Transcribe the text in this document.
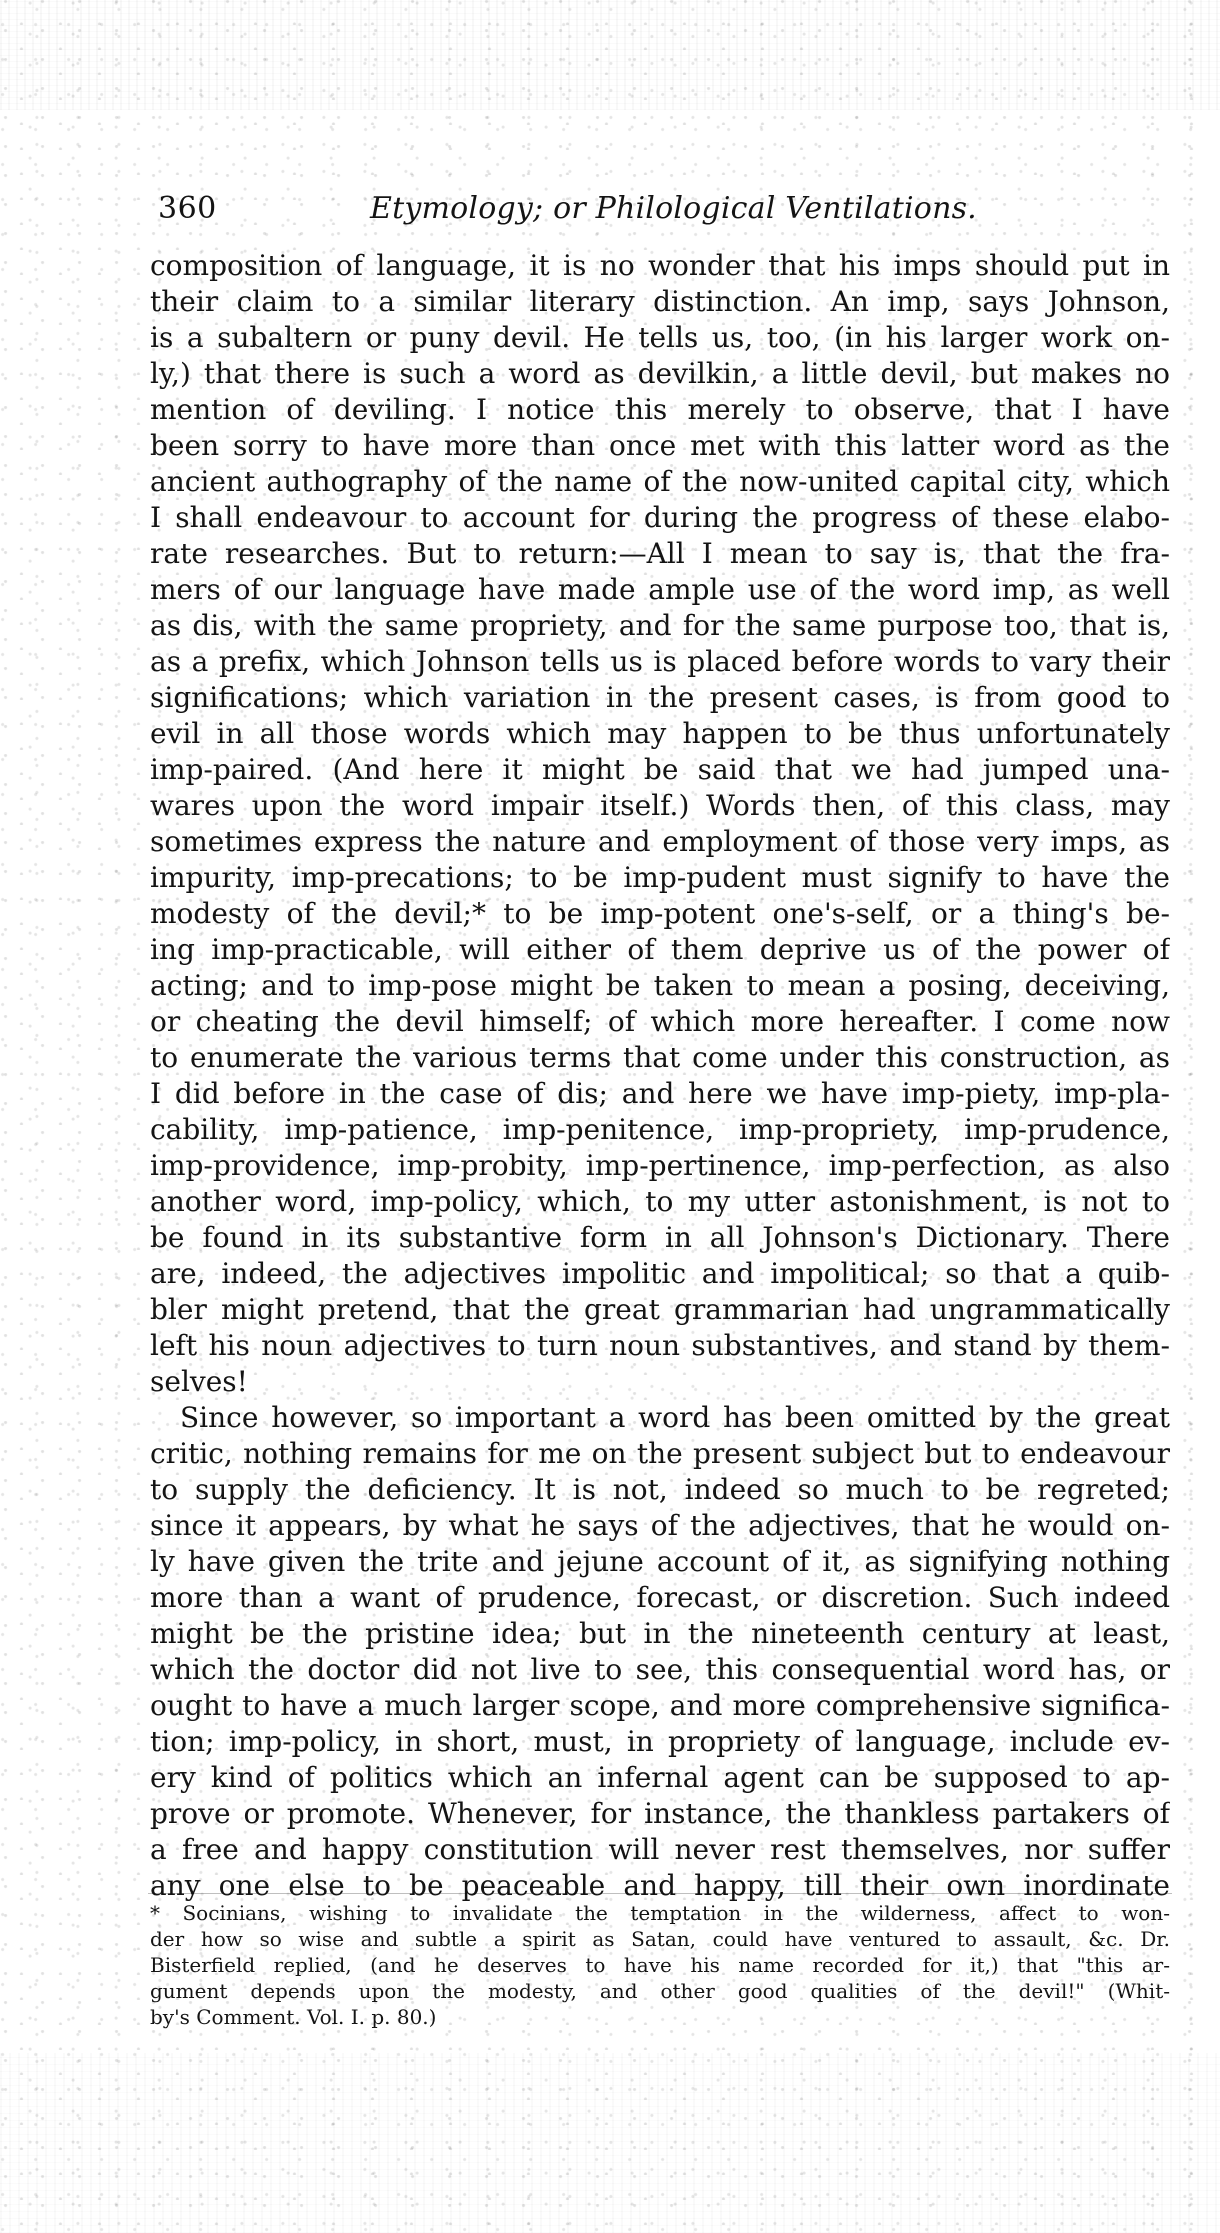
360	Etymology; or Philological Ventilations.
composition of language, it is no wonder that his imps should put in
their claim to a similar literary distinction. An imp, says Johnson,
is a subaltern or puny devil. He tells us, too, (in his larger work on-
ly,) that there is such a word as devilkin, a little devil, but makes no
mention of deviling. I notice this merely to observe, that I have
been sorry to have more than once met with this latter word as the
ancient authography of the name of the now-united capital city, which
I shall endeavour to account for during the progress of these elabo-
rate researches. But to return:—All I mean to say is, that the fra-
mers of our language have made ample use of the word imp, as well
as dis, with the same propriety, and for the same purpose too, that is,
as a prefix, which Johnson tells us is placed before words to vary their
significations; which variation in the present cases, is from good to
evil in all those words which may happen to be thus unfortunately
imp-paired. (And here it might be said that we had jumped una-
wares upon the word impair itself.) Words then, of this class, may
sometimes express the nature and employment of those very imps, as
impurity, imp-precations; to be imp-pudent must signify to have the
modesty of the devil;* to be imp-potent one's-self, or a thing's be-
ing imp-practicable, will either of them deprive us of the power of
acting; and to imp-pose might be taken to mean a posing, deceiving,
or cheating the devil himself; of which more hereafter. I come now
to enumerate the various terms that come under this construction, as
I did before in the case of dis; and here we have imp-piety, imp-pla-
cability, imp-patience, imp-penitence, imp-propriety, imp-prudence,
imp-providence, imp-probity, imp-pertinence, imp-perfection, as also
another word, imp-policy, which, to my utter astonishment, is not to
be found in its substantive form in all Johnson's Dictionary. There
are, indeed, the adjectives impolitic and impolitical; so that a quib-
bler might pretend, that the great grammarian had ungrammatically
left his noun adjectives to turn noun substantives, and stand by them-
selves!
Since however, so important a word has been omitted by the great
critic, nothing remains for me on the present subject but to endeavour
to supply the deficiency. It is not, indeed so much to be regreted;
since it appears, by what he says of the adjectives, that he would on-
ly have given the trite and jejune account of it, as signifying nothing
more than a want of prudence, forecast, or discretion. Such indeed
might be the pristine idea; but in the nineteenth century at least,
which the doctor did not live to see, this consequential word has, or
ought to have a much larger scope, and more comprehensive significa-
tion; imp-policy, in short, must, in propriety of language, include ev-
ery kind of politics which an infernal agent can be supposed to ap-
prove or promote. Whenever, for instance, the thankless partakers of
a free and happy constitution will never rest themselves, nor suffer
any one else to be peaceable and happy, till their own inordinate
* Socinians, wishing to invalidate the temptation in the wilderness, affect to won-
der how so wise and subtle a spirit as Satan, could have ventured to assault, &c. Dr.
Bisterfield replied, (and he deserves to have his name recorded for it,) that "this ar-
gument depends upon the modesty, and other good qualities of the devil!" (Whit-
by's Comment. Vol. I. p. 80.)
